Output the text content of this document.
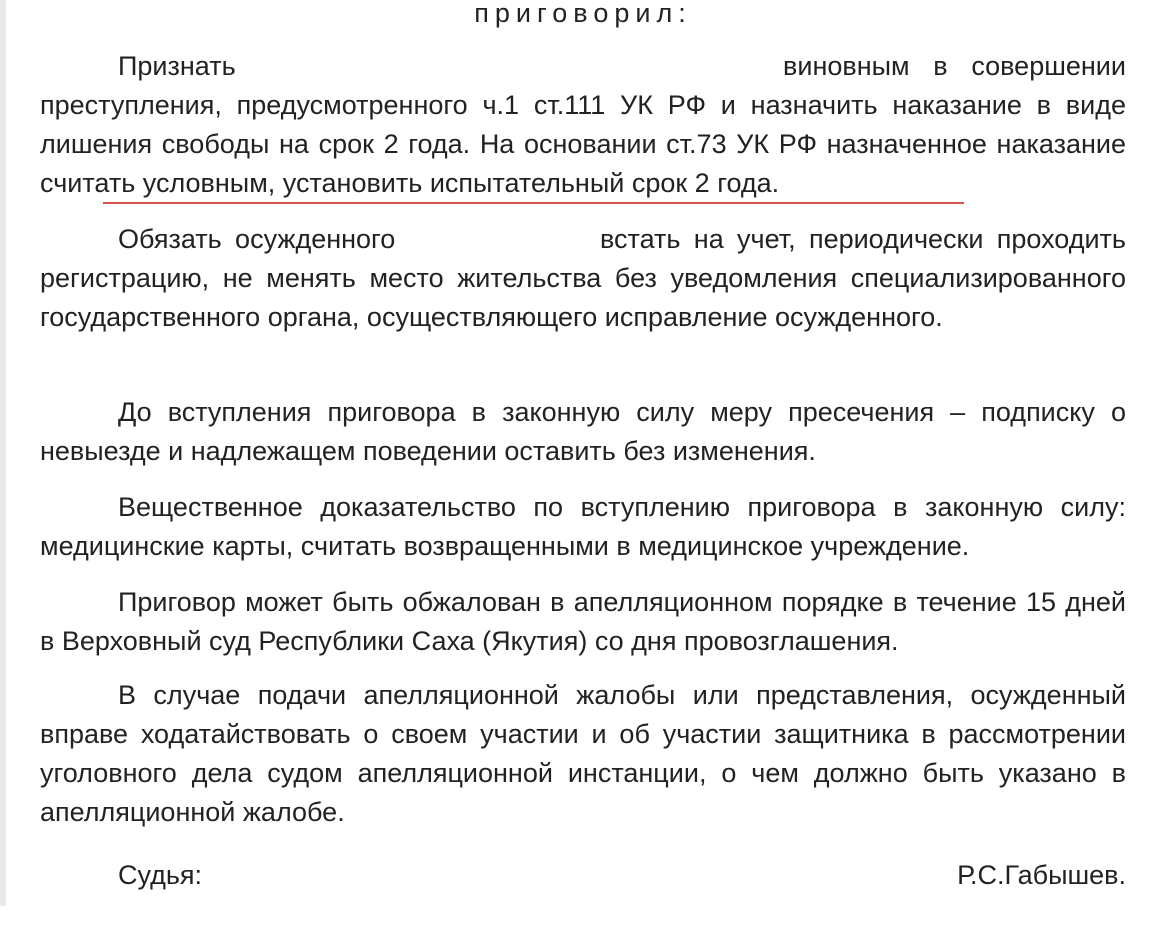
приговорил:

Признать	виновным в совершении преступления, предусмотренного ч.1 ст.111 УК РФ и назначить наказание в виде лишения свободы на срок 2 года. На основании ст.73 УК РФ назначенное наказание считать условным, установить испытательный срок 2 года.

Обязать осужденного	встать на учет, периодически проходить регистрацию, не менять место жительства без уведомления специализированного государственного органа, осуществляющего исправление осужденного.

До вступления приговора в законную силу меру пресечения – подписку о невыезде и надлежащем поведении оставить без изменения.

Вещественное доказательство по вступлению приговора в законную силу: медицинские карты, считать возвращенными в медицинское учреждение.

Приговор может быть обжалован в апелляционном порядке в течение 15 дней в Верховный суд Республики Саха (Якутия) со дня провозглашения.

В случае подачи апелляционной жалобы или представления, осужденный вправе ходатайствовать о своем участии и об участии защитника в рассмотрении уголовного дела судом апелляционной инстанции, о чем должно быть указано в апелляционной жалобе.

Судья:	Р.С.Габышев.
